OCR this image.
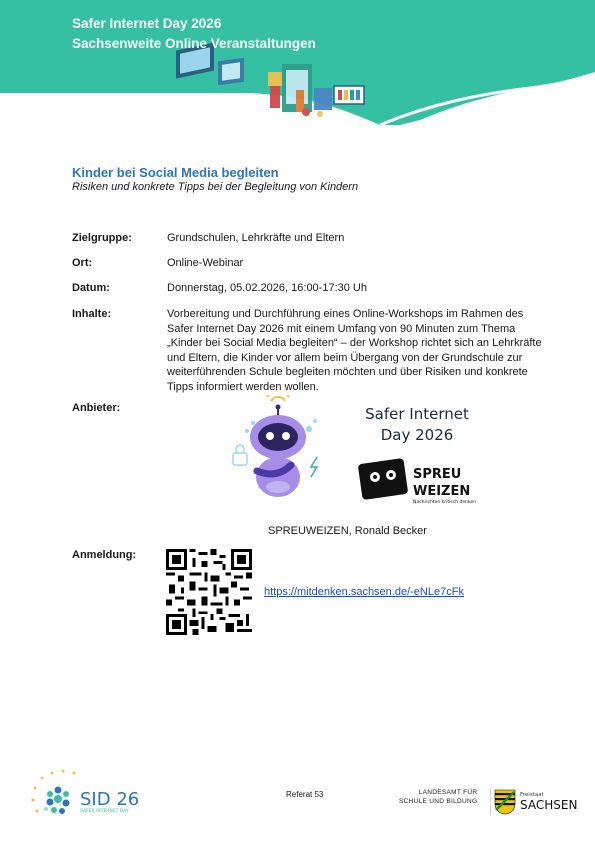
Safer Internet Day 2026
Sachsenweite Online Veranstaltungen
Kinder bei Social Media begleiten
Risiken und konkrete Tipps bei der Begleitung von Kindern
Zielgruppe:	Grundschulen, Lehrkräfte und Eltern
Ort:	Online-Webinar
Datum:	Donnerstag, 05.02.2026, 16:00-17:30 Uh
Inhalte:	Vorbereitung und Durchführung eines Online-Workshops im Rahmen des Safer Internet Day 2026 mit einem Umfang von 90 Minuten zum Thema „Kinder bei Social Media begleiten“ – der Workshop richtet sich an Lehrkräfte und Eltern, die Kinder vor allem beim Übergang von der Grundschule zur weiterführenden Schule begleiten möchten und über Risiken und konkrete Tipps informiert werden wollen.
Anbieter:	Safer Internet
Day 2026
SPREU
WEIZEN
Nachrichten kritisch denken
SPREUWEIZEN, Ronald Becker
Anmeldung:
https://mitdenken.sachsen.de/-eNLe7cFk
SID 26
SAFER INTERNET DAY
Referat 53	LANDESAMT FÜR
SCHULE UND BILDUNG
Freistaat
SACHSEN
